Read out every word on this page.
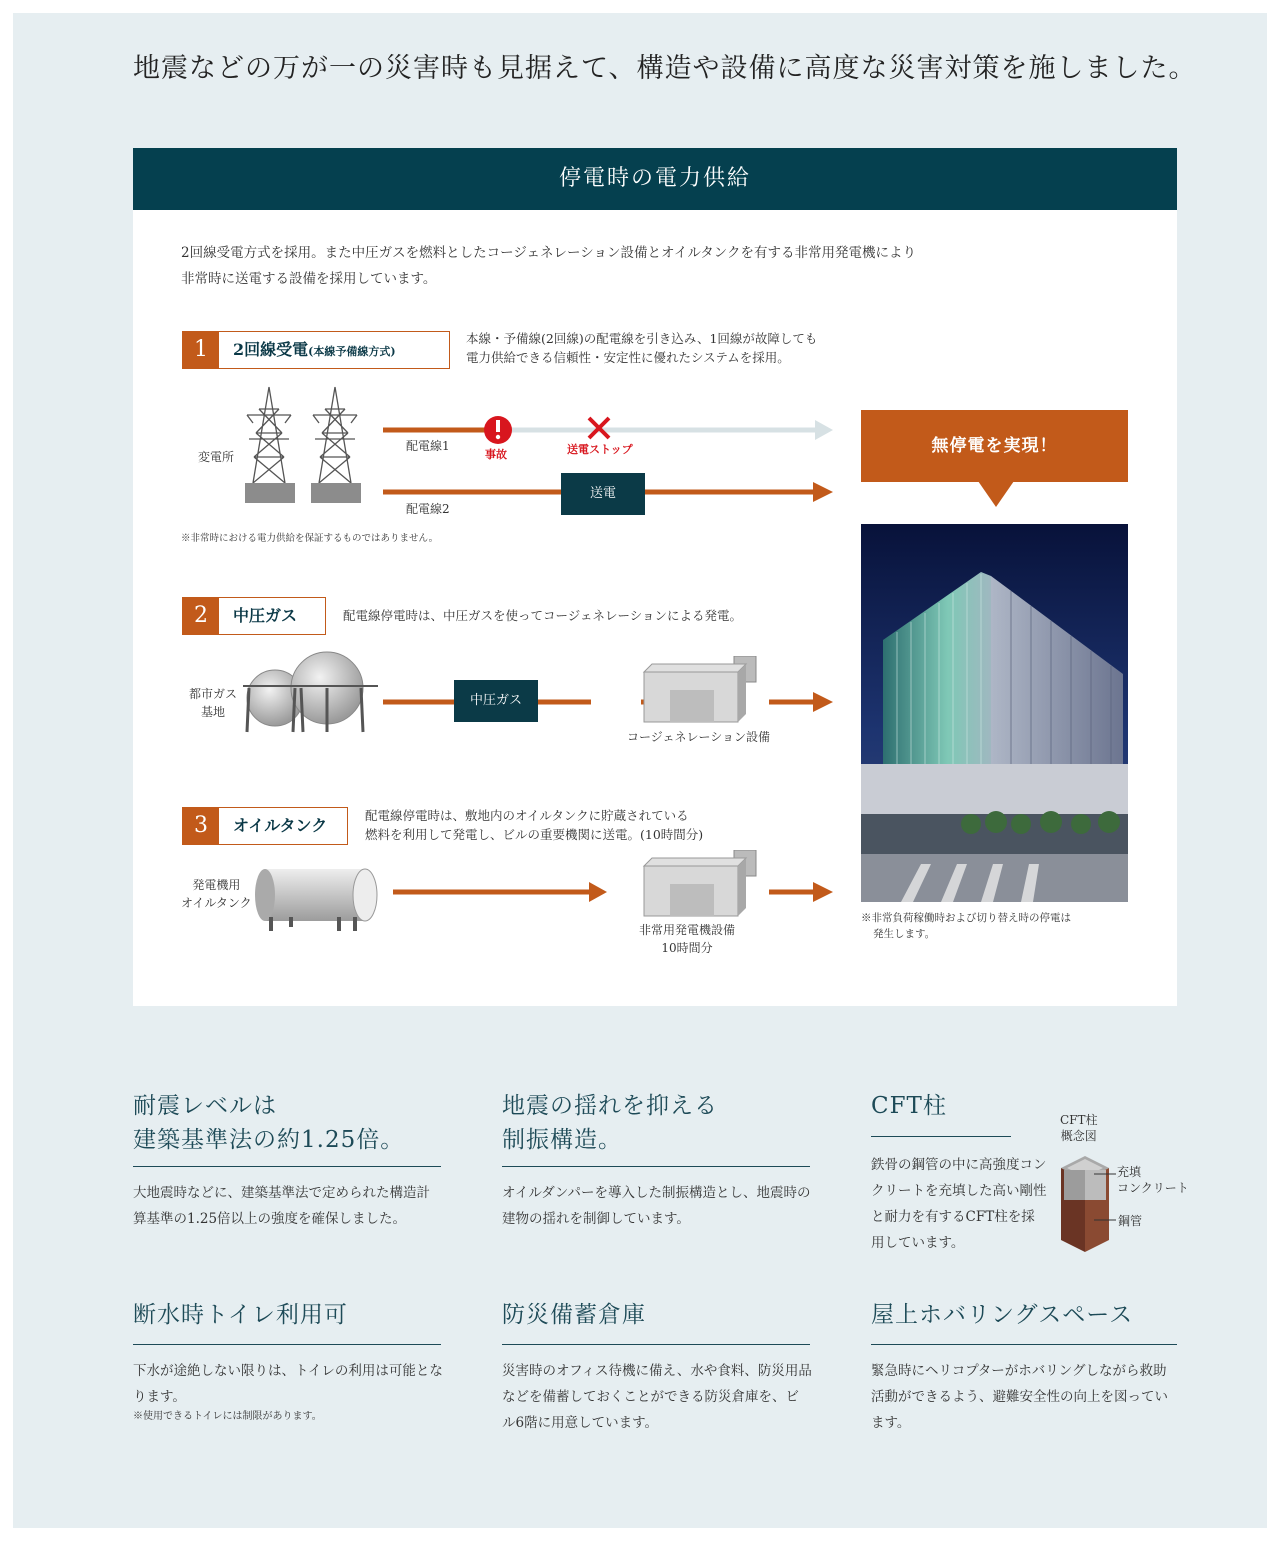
地震などの万が一の災害時も見据えて、構造や設備に高度な災害対策を施しました。
停電時の電力供給
2回線受電方式を採用。また中圧ガスを燃料としたコージェネレーション設備とオイルタンクを有する非常用発電機により
非常時に送電する設備を採用しています。
1	2回線受電(本線予備線方式)
本線・予備線(2回線)の配電線を引き込み、1回線が故障しても
電力供給できる信頼性・安定性に優れたシステムを採用。
変電所
配電線1
事故	送電ストップ
配電線2
送電
※非常時における電力供給を保証するものではありません。
2	中圧ガス	配電線停電時は、中圧ガスを使ってコージェネレーションによる発電。
都市ガス
基地
中圧ガス
コージェネレーション設備
3	オイルタンク
配電線停電時は、敷地内のオイルタンクに貯蔵されている
燃料を利用して発電し、ビルの重要機関に送電。(10時間分)
発電機用
オイルタンク
非常用発電機設備
10時間分
無停電を実現！
※非常負荷稼働時および切り替え時の停電は
発生します。
耐震レベルは
建築基準法の約1.25倍。
大地震時などに、建築基準法で定められた構造計算基準の1.25倍以上の強度を確保しました。
地震の揺れを抑える
制振構造。
オイルダンパーを導入した制振構造とし、地震時の建物の揺れを制御しています。
CFT柱
鉄骨の鋼管の中に高強度コンクリートを充填した高い剛性と耐力を有するCFT柱を採用しています。
CFT柱
概念図
充填
コンクリート
鋼管
断水時トイレ利用可
下水が途絶しない限りは、トイレの利用は可能となります。
※使用できるトイレには制限があります。
防災備蓄倉庫
災害時のオフィス待機に備え、水や食料、防災用品などを備蓄しておくことができる防災倉庫を、ビル6階に用意しています。
屋上ホバリングスペース
緊急時にヘリコプターがホバリングしながら救助活動ができるよう、避難安全性の向上を図っています。
